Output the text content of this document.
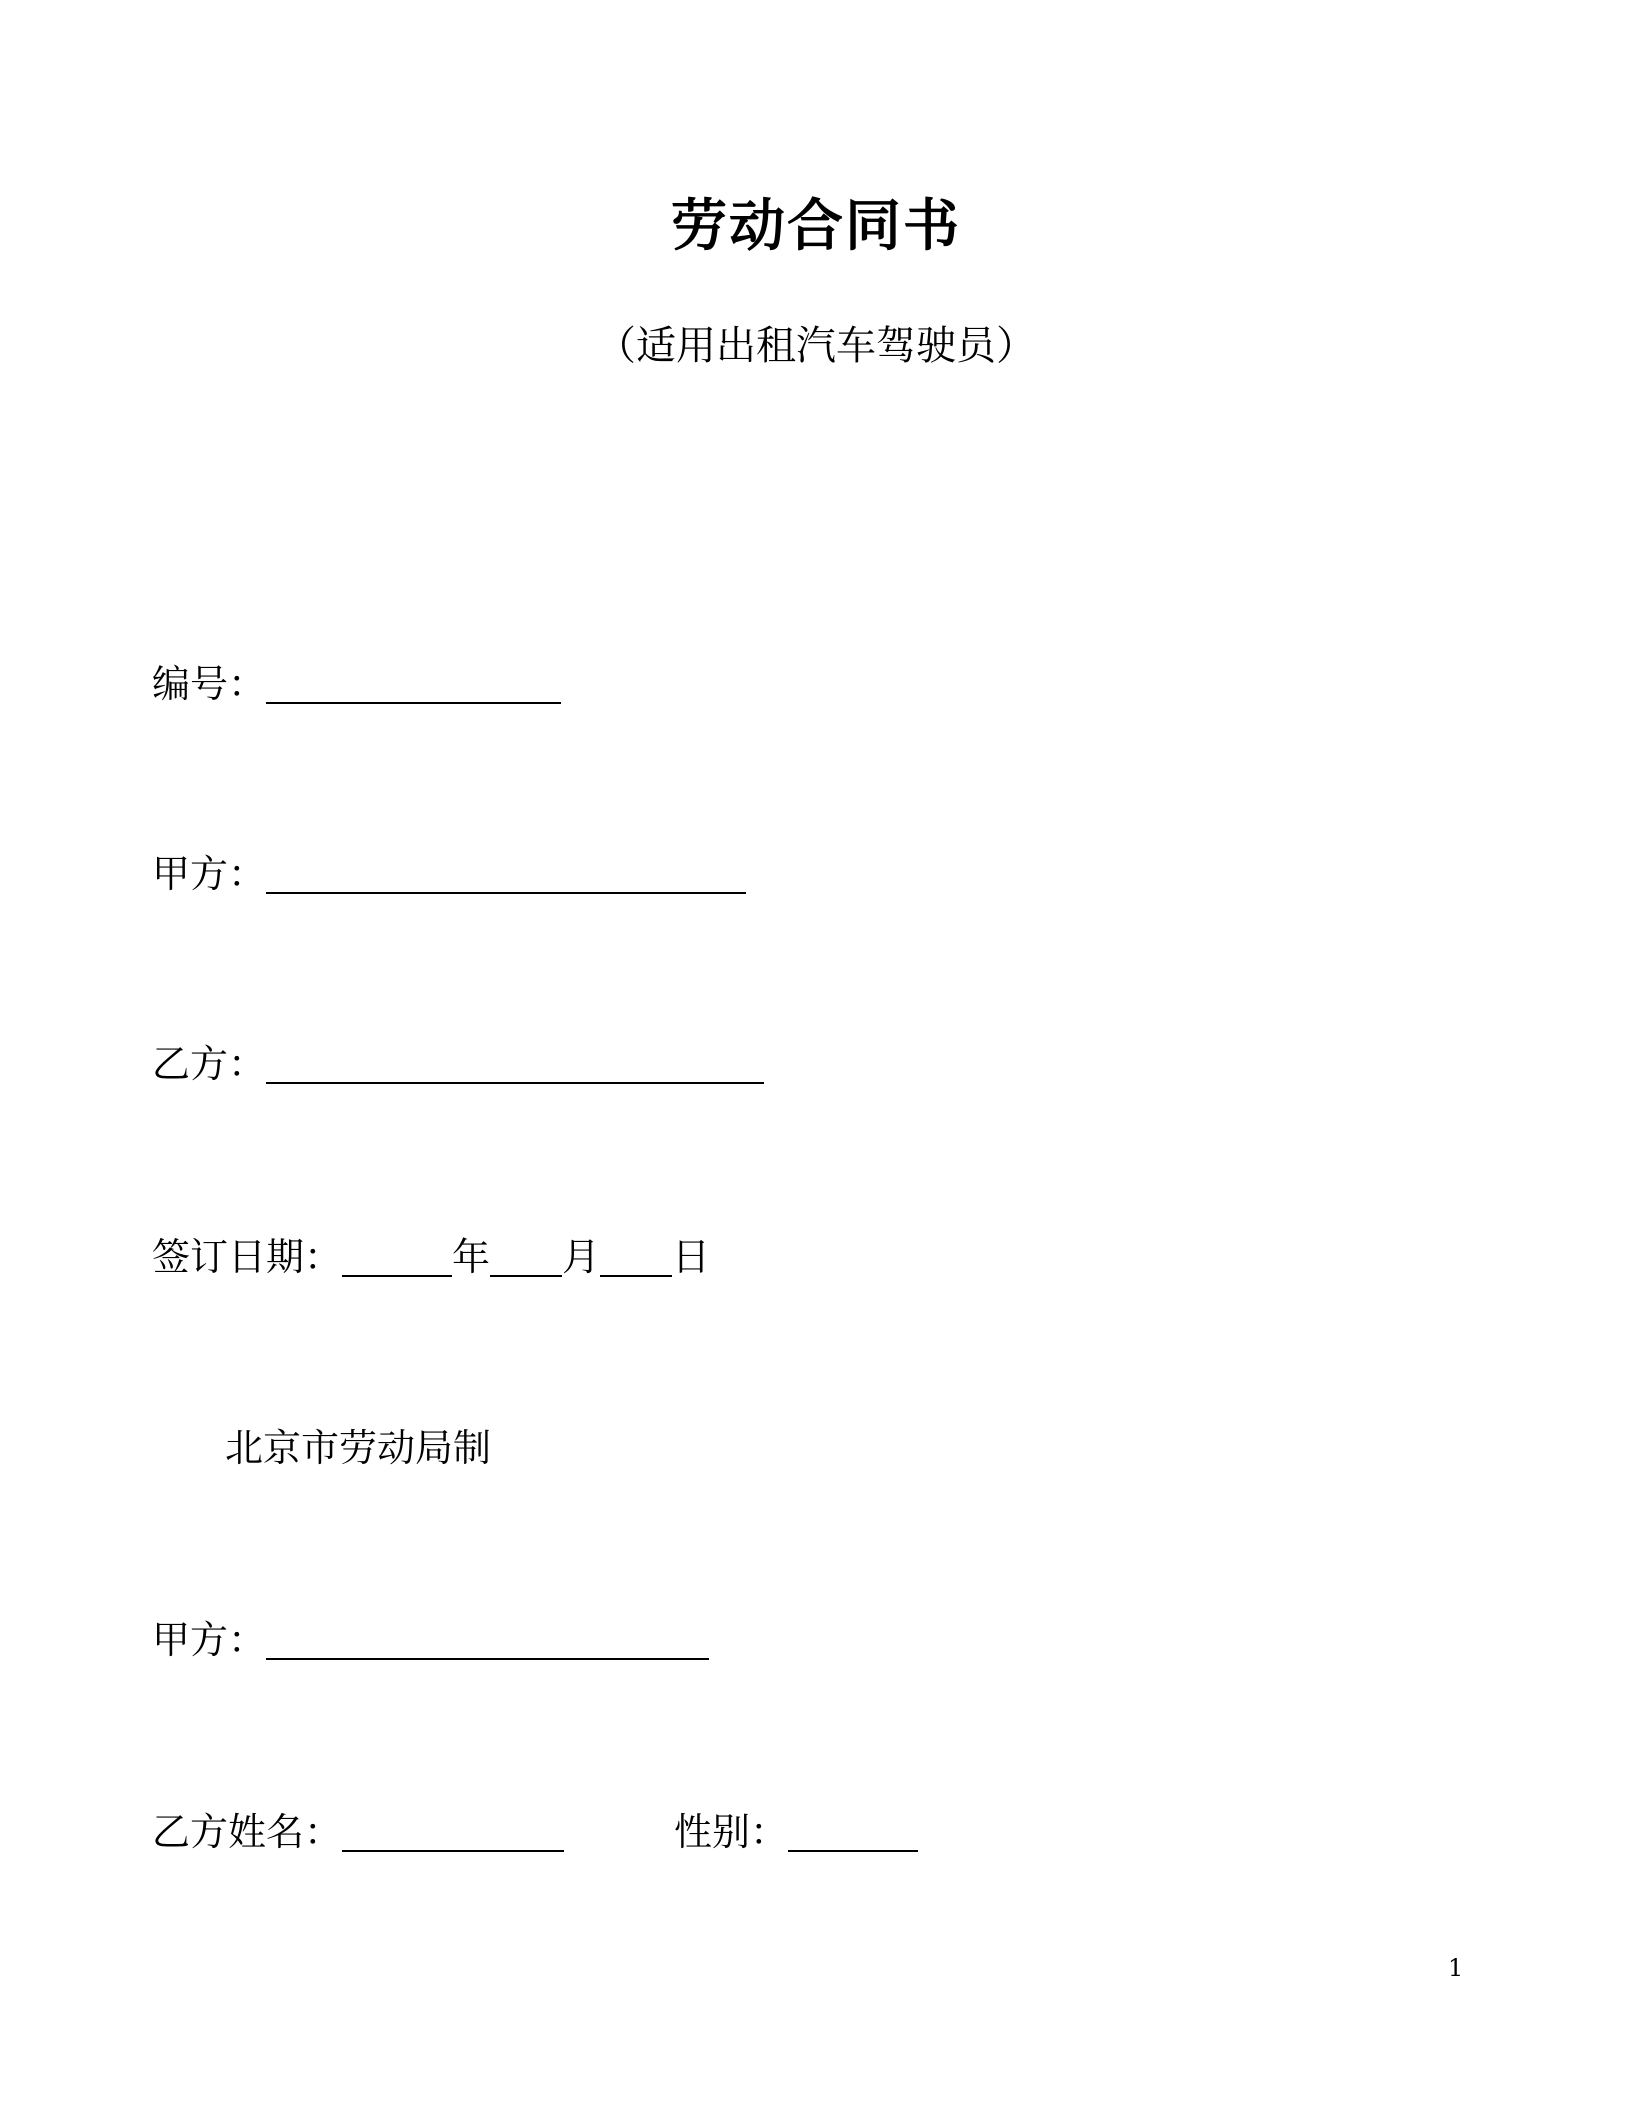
劳动合同书
（适用出租汽车驾驶员）
编号：
甲方：
乙方：
签订日期：	年 月 日
北京市劳动局制
甲方：
乙方姓名：	性别：
1
